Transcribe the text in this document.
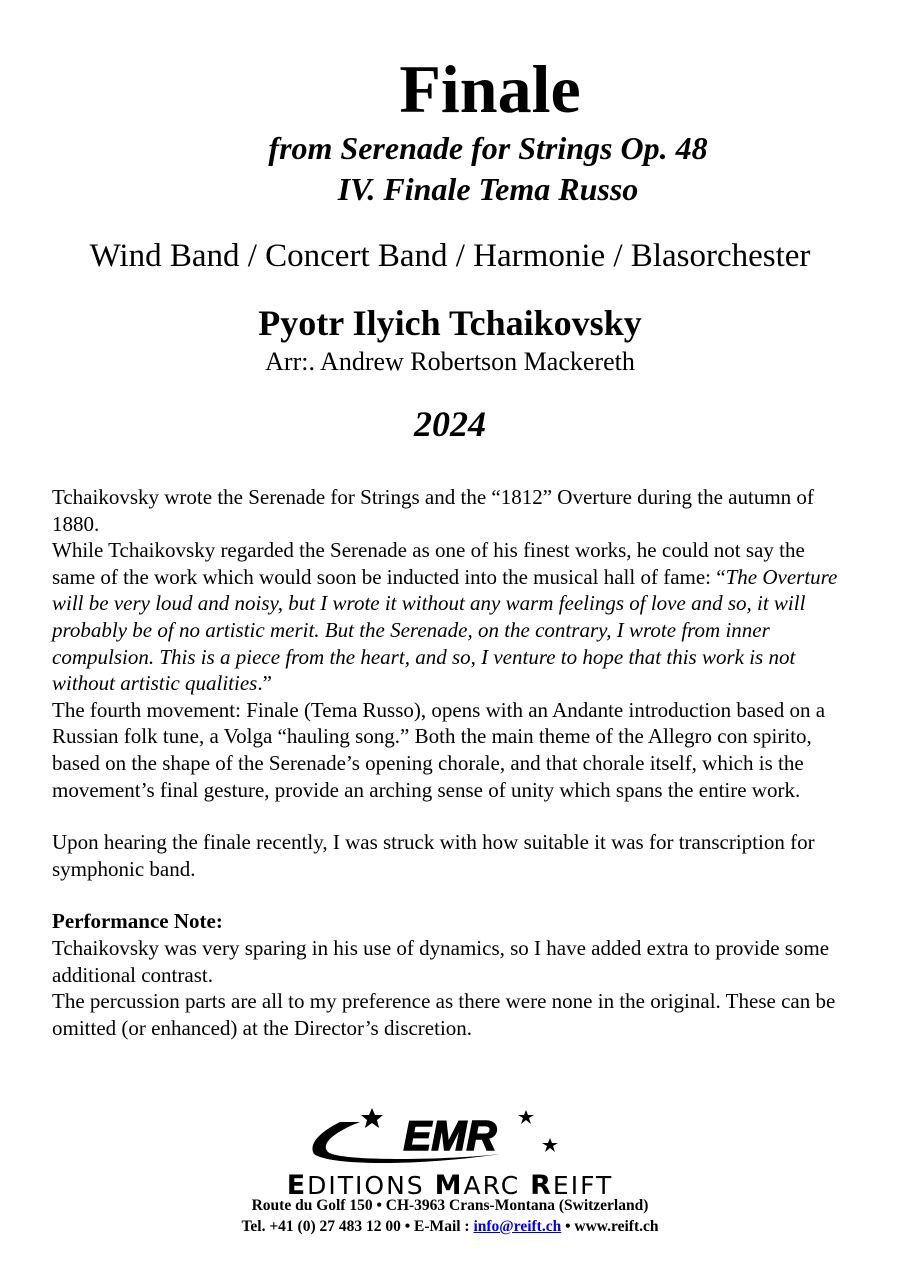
Finale
from Serenade for Strings Op. 48
IV. Finale Tema Russo
Wind Band / Concert Band / Harmonie / Blasorchester
Pyotr Ilyich Tchaikovsky
Arr:. Andrew Robertson Mackereth
2024

Tchaikovsky wrote the Serenade for Strings and the “1812” Overture during the autumn of 1880.

While Tchaikovsky regarded the Serenade as one of his finest works, he could not say the same of the work which would soon be inducted into the musical hall of fame: “The Overture will be very loud and noisy, but I wrote it without any warm feelings of love and so, it will probably be of no artistic merit. But the Serenade, on the contrary, I wrote from inner compulsion. This is a piece from the heart, and so, I venture to hope that this work is not without artistic qualities.”

The fourth movement: Finale (Tema Russo), opens with an Andante introduction based on a Russian folk tune, a Volga “hauling song.” Both the main theme of the Allegro con spirito, based on the shape of the Serenade’s opening chorale, and that chorale itself, which is the movement’s final gesture, provide an arching sense of unity which spans the entire work.

Upon hearing the finale recently, I was struck with how suitable it was for transcription for symphonic band.

Performance Note:

Tchaikovsky was very sparing in his use of dynamics, so I have added extra to provide some additional contrast.

The percussion parts are all to my preference as there were none in the original. These can be omitted (or enhanced) at the Director’s discretion.

EMR
EDITIONS MARC REIFT
Route du Golf 150 • CH-3963 Crans-Montana (Switzerland)
Tel. +41 (0) 27 483 12 00 • E-Mail : info@reift.ch • www.reift.ch
